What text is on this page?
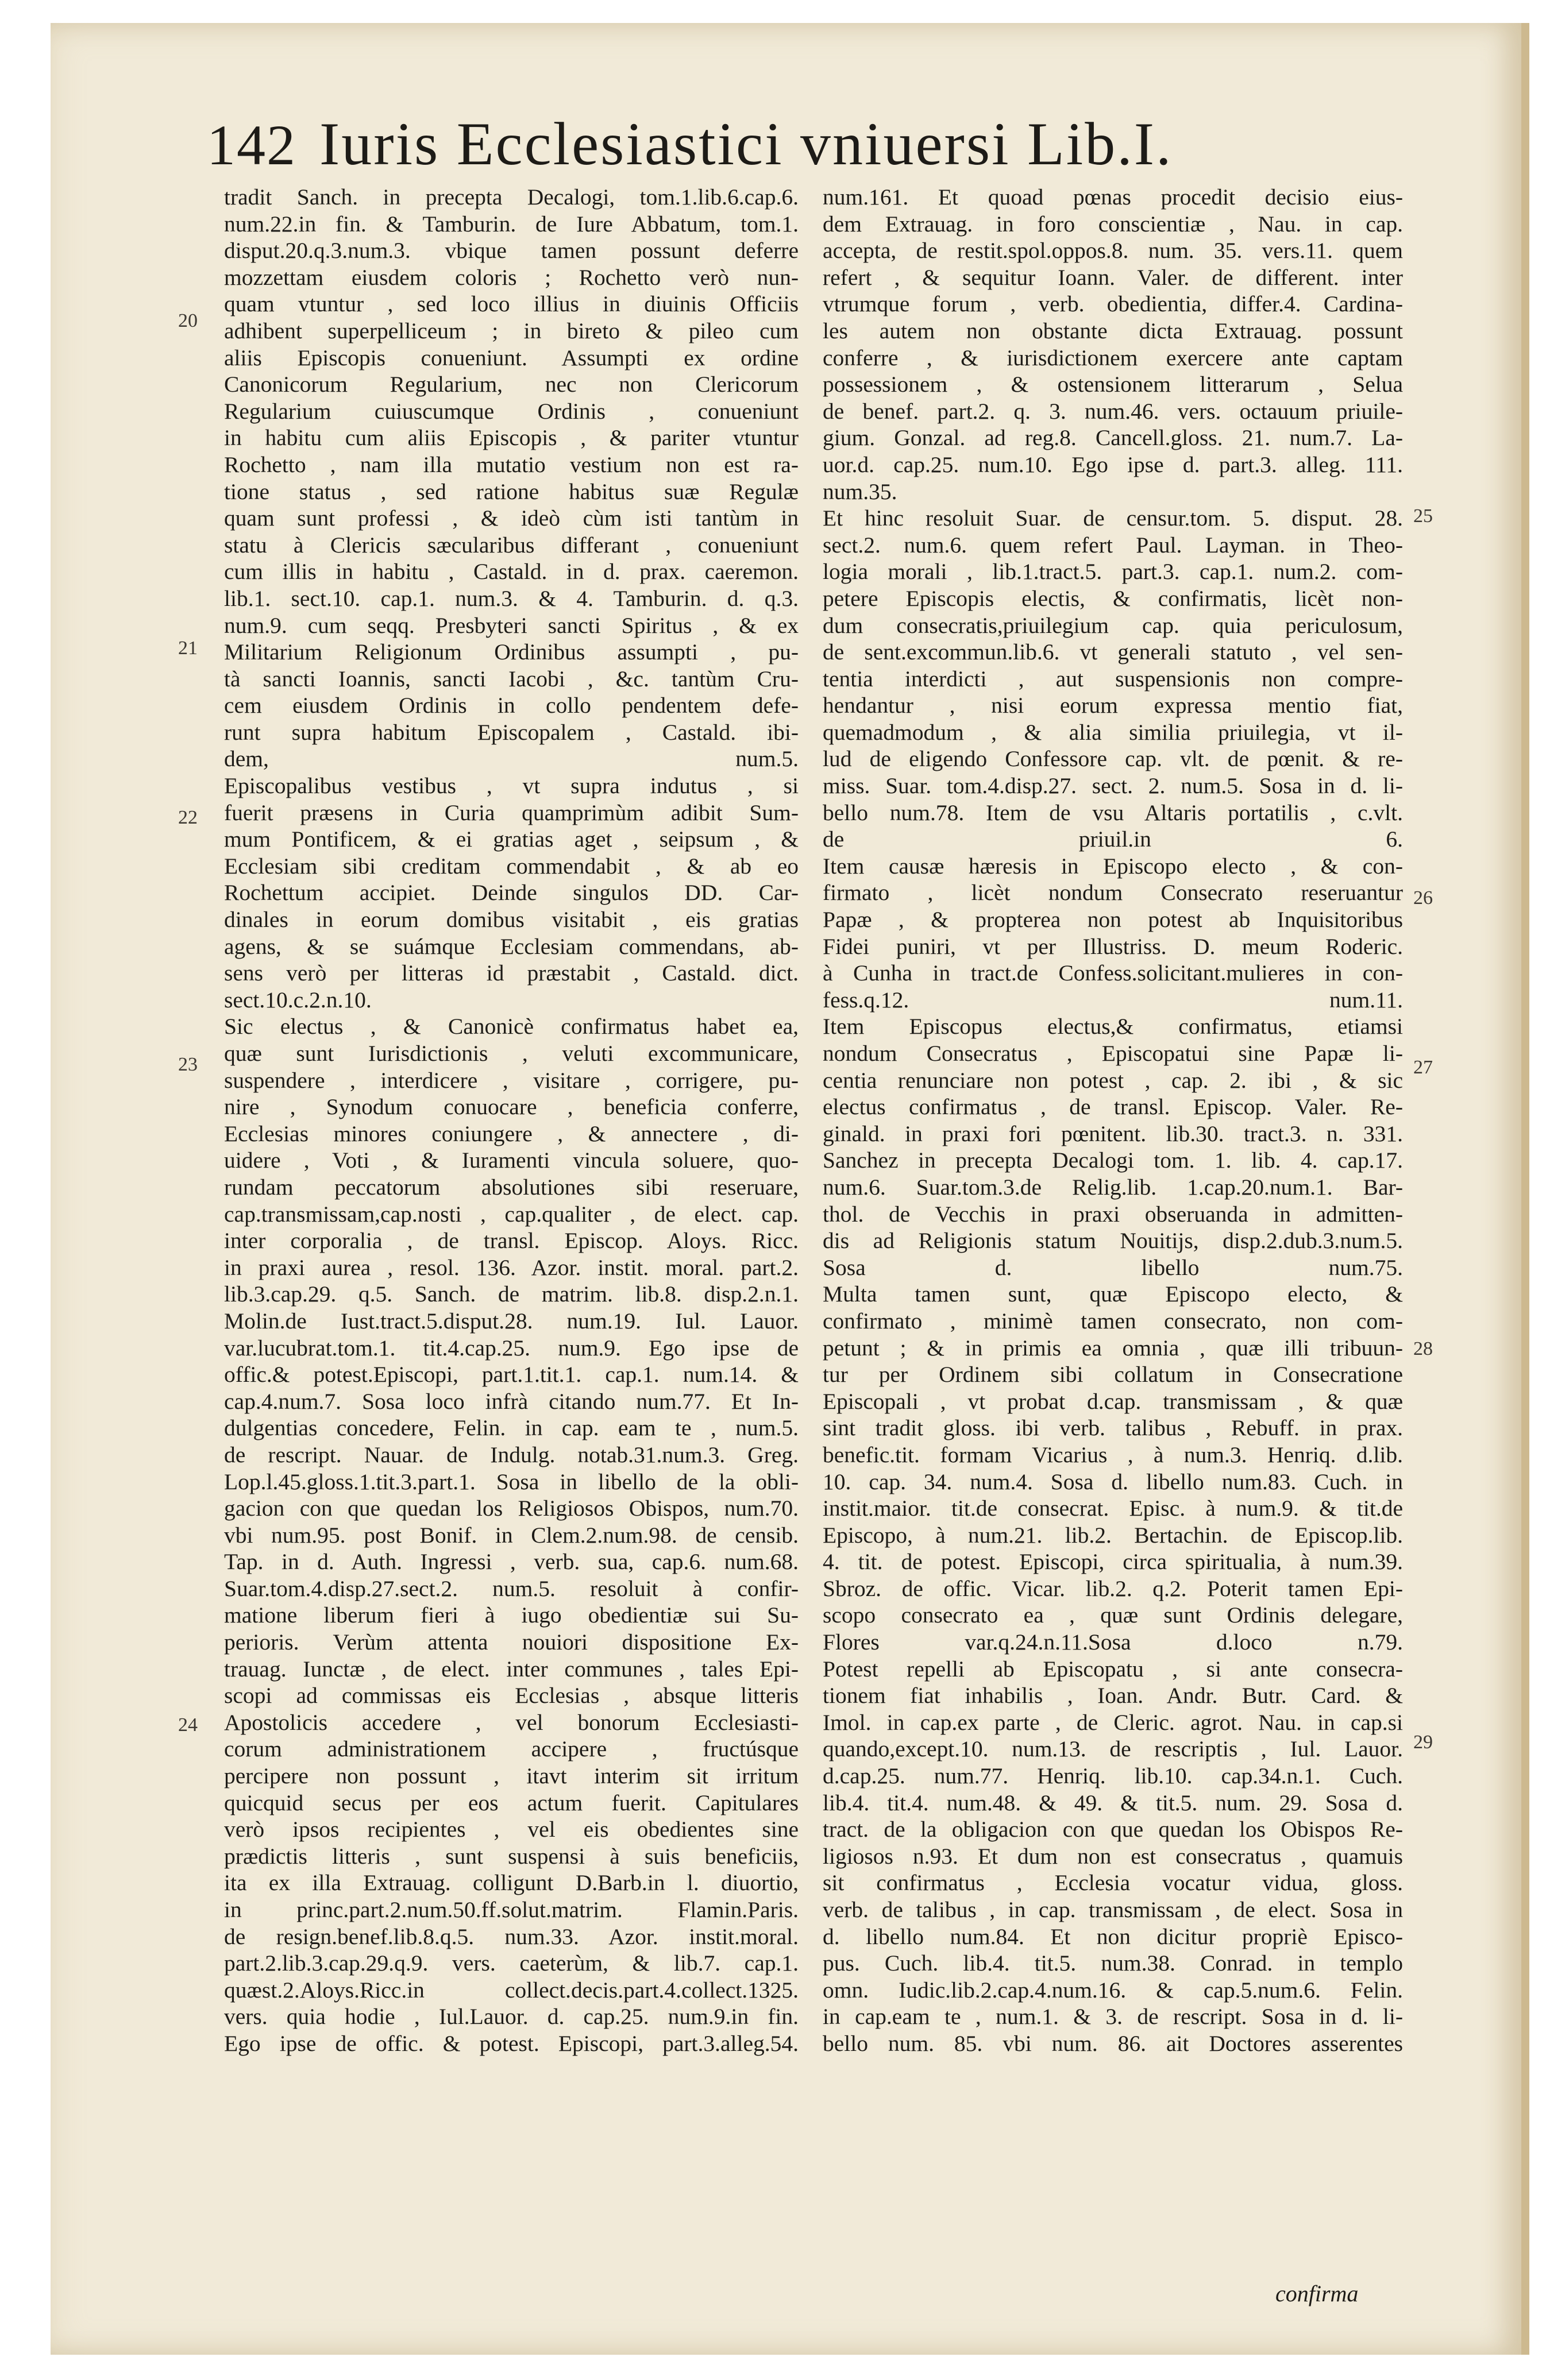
142 Iuris Ecclesiastici vniuersi Lib.I.
tradit Sanch. in precepta Decalogi, tom.1.lib.6.cap.6.
num.22.in fin. & Tamburin. de Iure Abbatum, tom.1.
disput.20.q.3.num.3. vbique tamen possunt deferre
mozzettam eiusdem coloris ; Rochetto verò nun-
quam vtuntur , sed loco illius in diuinis Officiis
adhibent superpelliceum ; in bireto & pileo cum
aliis Episcopis conueniunt. Assumpti ex ordine
Canonicorum Regularium, nec non Clericorum
Regularium cuiuscumque Ordinis , conueniunt
in habitu cum aliis Episcopis , & pariter vtuntur
Rochetto , nam illa mutatio vestium non est ra-
tione status , sed ratione habitus suæ Regulæ
quam sunt professi , & ideò cùm isti tantùm in
statu à Clericis sæcularibus differant , conueniunt
cum illis in habitu , Castald. in d. prax. caeremon.
lib.1. sect.10. cap.1. num.3. & 4. Tamburin. d. q.3.
num.9. cum seqq. Presbyteri sancti Spiritus , & ex
Militarium Religionum Ordinibus assumpti , pu-
tà sancti Ioannis, sancti Iacobi , &c. tantùm Cru-
cem eiusdem Ordinis in collo pendentem defe-
runt supra habitum Episcopalem , Castald. ibi-
dem, num.5.
Episcopalibus vestibus , vt supra indutus , si
fuerit præsens in Curia quamprimùm adibit Sum-
mum Pontificem, & ei gratias aget , seipsum , &
Ecclesiam sibi creditam commendabit , & ab eo
Rochettum accipiet. Deinde singulos DD. Car-
dinales in eorum domibus visitabit , eis gratias
agens, & se suámque Ecclesiam commendans, ab-
sens verò per litteras id præstabit , Castald. dict.
sect.10.c.2.n.10.
Sic electus , & Canonicè confirmatus habet ea,
quæ sunt Iurisdictionis , veluti excommunicare,
suspendere , interdicere , visitare , corrigere, pu-
nire , Synodum conuocare , beneficia conferre,
Ecclesias minores coniungere , & annectere , di-
uidere , Voti , & Iuramenti vincula soluere, quo-
rundam peccatorum absolutiones sibi reseruare,
cap.transmissam,cap.nosti , cap.qualiter , de elect. cap.
inter corporalia , de transl. Episcop. Aloys. Ricc.
in praxi aurea , resol. 136. Azor. instit. moral. part.2.
lib.3.cap.29. q.5. Sanch. de matrim. lib.8. disp.2.n.1.
Molin.de Iust.tract.5.disput.28. num.19. Iul. Lauor.
var.lucubrat.tom.1. tit.4.cap.25. num.9. Ego ipse de
offic.& potest.Episcopi, part.1.tit.1. cap.1. num.14. &
cap.4.num.7. Sosa loco infrà citando num.77. Et In-
dulgentias concedere, Felin. in cap. eam te , num.5.
de rescript. Nauar. de Indulg. notab.31.num.3. Greg.
Lop.l.45.gloss.1.tit.3.part.1. Sosa in libello de la obli-
gacion con que quedan los Religiosos Obispos, num.70.
vbi num.95. post Bonif. in Clem.2.num.98. de censib.
Tap. in d. Auth. Ingressi , verb. sua, cap.6. num.68.
Suar.tom.4.disp.27.sect.2. num.5. resoluit à confir-
matione liberum fieri à iugo obedientiæ sui Su-
perioris. Verùm attenta nouiori dispositione Ex-
trauag. Iunctæ , de elect. inter communes , tales Epi-
scopi ad commissas eis Ecclesias , absque litteris
Apostolicis accedere , vel bonorum Ecclesiasti-
corum administrationem accipere , fructúsque
percipere non possunt , itavt interim sit irritum
quicquid secus per eos actum fuerit. Capitulares
verò ipsos recipientes , vel eis obedientes sine
prædictis litteris , sunt suspensi à suis beneficiis,
ita ex illa Extrauag. colligunt D.Barb.in l. diuortio,
in princ.part.2.num.50.ff.solut.matrim. Flamin.Paris.
de resign.benef.lib.8.q.5. num.33. Azor. instit.moral.
part.2.lib.3.cap.29.q.9. vers. caeterùm, & lib.7. cap.1.
quæst.2.Aloys.Ricc.in collect.decis.part.4.collect.1325.
vers. quia hodie , Iul.Lauor. d. cap.25. num.9.in fin.
Ego ipse de offic. & potest. Episcopi, part.3.alleg.54.
num.161. Et quoad pœnas procedit decisio eius-
dem Extrauag. in foro conscientiæ , Nau. in cap.
accepta, de restit.spol.oppos.8. num. 35. vers.11. quem
refert , & sequitur Ioann. Valer. de different. inter
vtrumque forum , verb. obedientia, differ.4. Cardina-
les autem non obstante dicta Extrauag. possunt
conferre , & iurisdictionem exercere ante captam
possessionem , & ostensionem litterarum , Selua
de benef. part.2. q. 3. num.46. vers. octauum priuile-
gium. Gonzal. ad reg.8. Cancell.gloss. 21. num.7. La-
uor.d. cap.25. num.10. Ego ipse d. part.3. alleg. 111.
num.35.
Et hinc resoluit Suar. de censur.tom. 5. disput. 28.
sect.2. num.6. quem refert Paul. Layman. in Theo-
logia morali , lib.1.tract.5. part.3. cap.1. num.2. com-
petere Episcopis electis, & confirmatis, licèt non-
dum consecratis,priuilegium cap. quia periculosum,
de sent.excommun.lib.6. vt generali statuto , vel sen-
tentia interdicti , aut suspensionis non compre-
hendantur , nisi eorum expressa mentio fiat,
quemadmodum , & alia similia priuilegia, vt il-
lud de eligendo Confessore cap. vlt. de pœnit. & re-
miss. Suar. tom.4.disp.27. sect. 2. num.5. Sosa in d. li-
bello num.78. Item de vsu Altaris portatilis , c.vlt.
de priuil.in 6.
Item causæ hæresis in Episcopo electo , & con-
firmato , licèt nondum Consecrato reseruantur
Papæ , & propterea non potest ab Inquisitoribus
Fidei puniri, vt per Illustriss. D. meum Roderic.
à Cunha in tract.de Confess.solicitant.mulieres in con-
fess.q.12. num.11.
Item Episcopus electus,& confirmatus, etiamsi
nondum Consecratus , Episcopatui sine Papæ li-
centia renunciare non potest , cap. 2. ibi , & sic
electus confirmatus , de transl. Episcop. Valer. Re-
ginald. in praxi fori pœnitent. lib.30. tract.3. n. 331.
Sanchez in precepta Decalogi tom. 1. lib. 4. cap.17.
num.6. Suar.tom.3.de Relig.lib. 1.cap.20.num.1. Bar-
thol. de Vecchis in praxi obseruanda in admitten-
dis ad Religionis statum Nouitijs, disp.2.dub.3.num.5.
Sosa d. libello num.75.
Multa tamen sunt, quæ Episcopo electo, &
confirmato , minimè tamen consecrato, non com-
petunt ; & in primis ea omnia , quæ illi tribuun-
tur per Ordinem sibi collatum in Consecratione
Episcopali , vt probat d.cap. transmissam , & quæ
sint tradit gloss. ibi verb. talibus , Rebuff. in prax.
benefic.tit. formam Vicarius , à num.3. Henriq. d.lib.
10. cap. 34. num.4. Sosa d. libello num.83. Cuch. in
instit.maior. tit.de consecrat. Episc. à num.9. & tit.de
Episcopo, à num.21. lib.2. Bertachin. de Episcop.lib.
4. tit. de potest. Episcopi, circa spiritualia, à num.39.
Sbroz. de offic. Vicar. lib.2. q.2. Poterit tamen Epi-
scopo consecrato ea , quæ sunt Ordinis delegare,
Flores var.q.24.n.11.Sosa d.loco n.79.
Potest repelli ab Episcopatu , si ante consecra-
tionem fiat inhabilis , Ioan. Andr. Butr. Card. &
Imol. in cap.ex parte , de Cleric. agrot. Nau. in cap.si
quando,except.10. num.13. de rescriptis , Iul. Lauor.
d.cap.25. num.77. Henriq. lib.10. cap.34.n.1. Cuch.
lib.4. tit.4. num.48. & 49. & tit.5. num. 29. Sosa d.
tract. de la obligacion con que quedan los Obispos Re-
ligiosos n.93. Et dum non est consecratus , quamuis
sit confirmatus , Ecclesia vocatur vidua, gloss.
verb. de talibus , in cap. transmissam , de elect. Sosa in
d. libello num.84. Et non dicitur propriè Episco-
pus. Cuch. lib.4. tit.5. num.38. Conrad. in templo
omn. Iudic.lib.2.cap.4.num.16. & cap.5.num.6. Felin.
in cap.eam te , num.1. & 3. de rescript. Sosa in d. li-
bello num. 85. vbi num. 86. ait Doctores asserentes
20
21
22
23
24
25
26
27
28
29
confirma
